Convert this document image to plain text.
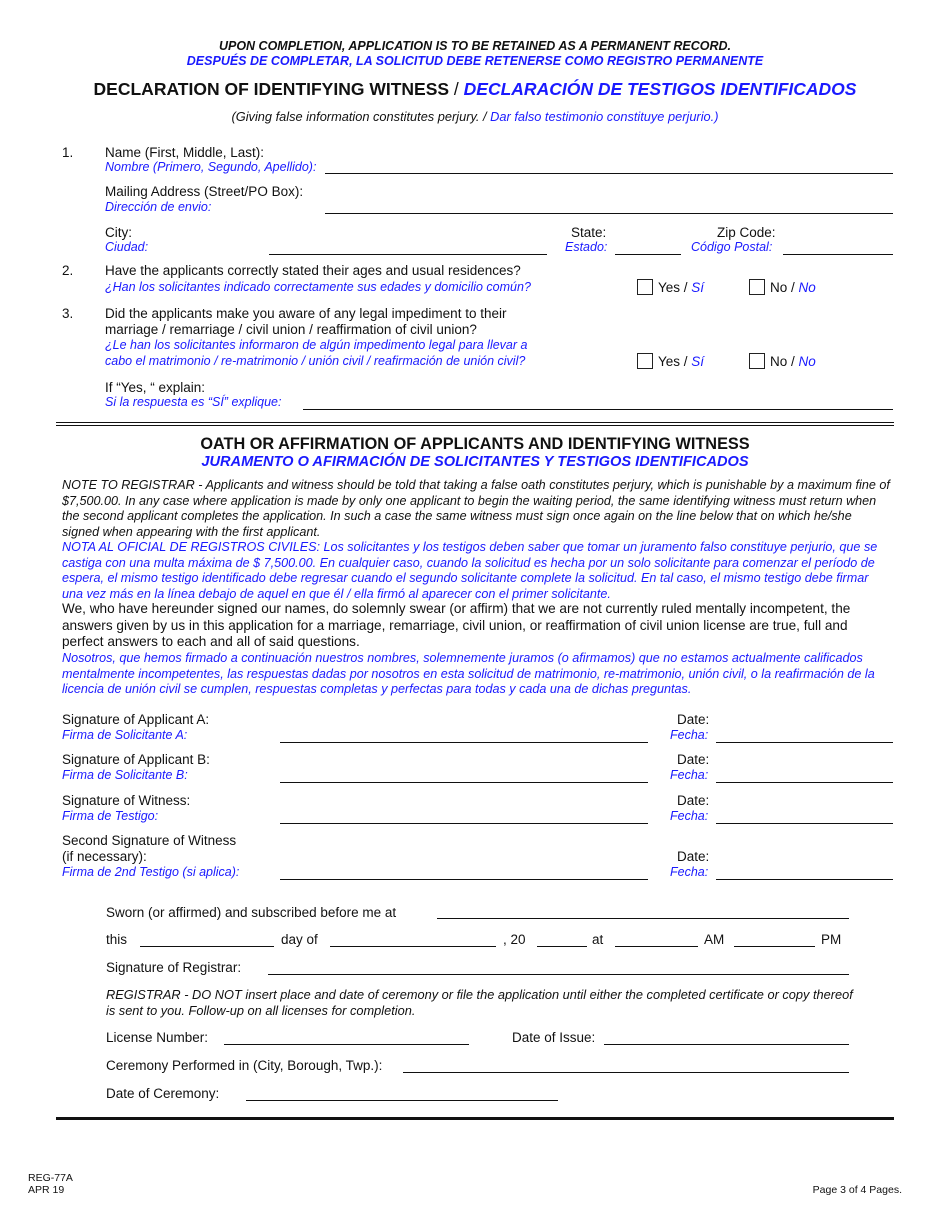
UPON COMPLETION, APPLICATION IS TO BE RETAINED AS A PERMANENT RECORD.
DESPUÉS DE COMPLETAR, LA SOLICITUD DEBE RETENERSE COMO REGISTRO PERMANENTE
DECLARATION OF IDENTIFYING WITNESS / DECLARACIÓN DE TESTIGOS IDENTIFICADOS
(Giving false information constitutes perjury. / Dar falso testimonio constituye perjurio.)
1. Name (First, Middle, Last):
Nombre (Primero, Segundo, Apellido):
Mailing Address (Street/PO Box):
Dirección de envio:
City:
Ciudad:
State:
Estado:
Zip Code:
Código Postal:
2. Have the applicants correctly stated their ages and usual residences?
¿Han los solicitantes indicado correctamente sus edades y domicilio común?	Yes / Sí	No / No
3. Did the applicants make you aware of any legal impediment to their
marriage / remarriage / civil union / reaffirmation of civil union?
¿Le han los solicitantes informaron de algún impedimento legal para llevar a
cabo el matrimonio / re-matrimonio / unión civil / reafirmación de unión civil?	Yes / Sí	No / No
If “Yes, “ explain:
Si la respuesta es “SÍ” explique:
OATH OR AFFIRMATION OF APPLICANTS AND IDENTIFYING WITNESS
JURAMENTO O AFIRMACIÓN DE SOLICITANTES Y TESTIGOS IDENTIFICADOS
NOTE TO REGISTRAR - Applicants and witness should be told that taking a false oath constitutes perjury, which is punishable by a maximum fine of $7,500.00. In any case where application is made by only one applicant to begin the waiting period, the same identifying witness must return when the second applicant completes the application. In such a case the same witness must sign once again on the line below that on which he/she signed when appearing with the first applicant.
NOTA AL OFICIAL DE REGISTROS CIVILES: Los solicitantes y los testigos deben saber que tomar un juramento falso constituye perjurio, que se castiga con una multa máxima de $ 7,500.00. En cualquier caso, cuando la solicitud es hecha por un solo solicitante para comenzar el período de espera, el mismo testigo identificado debe regresar cuando el segundo solicitante complete la solicitud. En tal caso, el mismo testigo debe firmar una vez más en la línea debajo de aquel en que él / ella firmó al aparecer con el primer solicitante.
We, who have hereunder signed our names, do solemnly swear (or affirm) that we are not currently ruled mentally incompetent, the answers given by us in this application for a marriage, remarriage, civil union, or reaffirmation of civil union license are true, full and perfect answers to each and all of said questions.
Nosotros, que hemos firmado a continuación nuestros nombres, solemnemente juramos (o afirmamos) que no estamos actualmente calificados mentalmente incompetentes, las respuestas dadas por nosotros en esta solicitud de matrimonio, re-matrimonio, unión civil, o la reafirmación de la licencia de unión civil se cumplen, respuestas completas y perfectas para todas y cada una de dichas preguntas.
Signature of Applicant A:
Firma de Solicitante A:
Date:
Fecha:
Signature of Applicant B:
Firma de Solicitante B:
Date:
Fecha:
Signature of Witness:
Firma de Testigo:
Date:
Fecha:
Second Signature of Witness
(if necessary):
Firma de 2nd Testigo (si aplica):
Date:
Fecha:
Sworn (or affirmed) and subscribed before me at
this	day of	, 20	at	AM	PM
Signature of Registrar:
REGISTRAR - DO NOT insert place and date of ceremony or file the application until either the completed certificate or copy thereof is sent to you. Follow-up on all licenses for completion.
License Number:	Date of Issue:
Ceremony Performed in (City, Borough, Twp.):
Date of Ceremony:
REG-77A
APR 19	Page 3 of 4 Pages.
